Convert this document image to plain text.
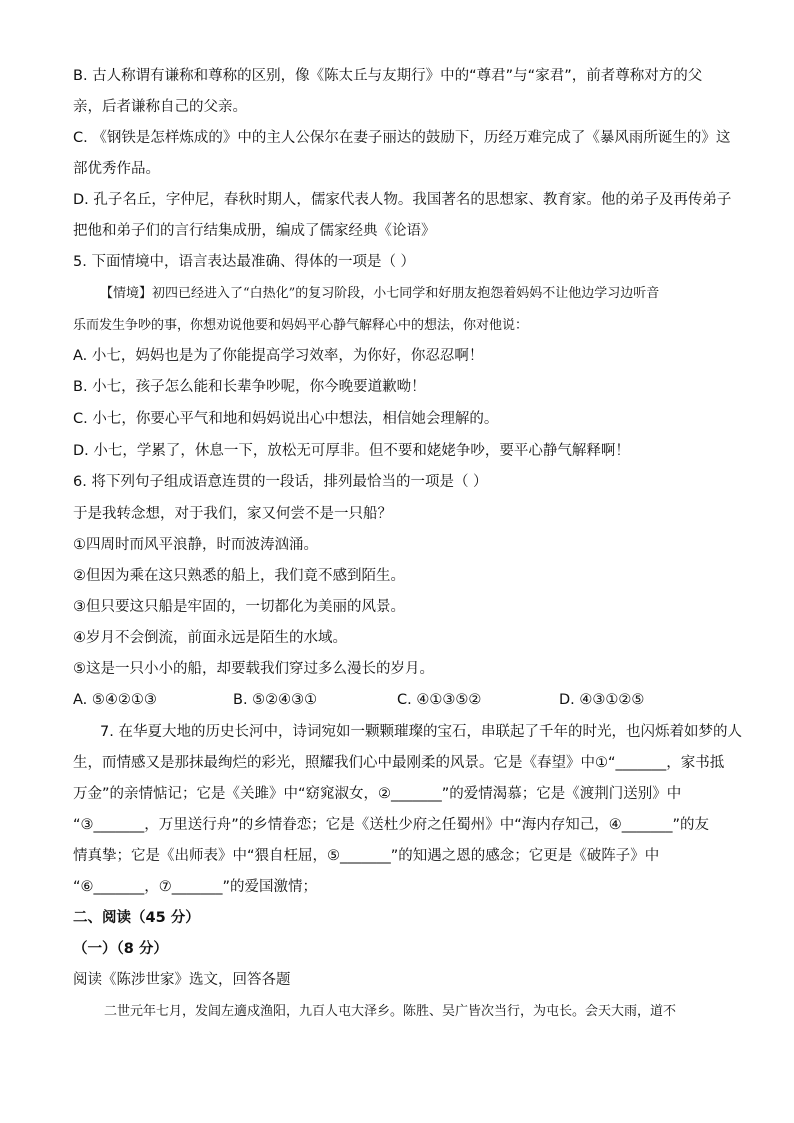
B. 古人称谓有谦称和尊称的区别，像《陈太丘与友期行》中的“尊君”与“家君”，前者尊称对方的父
亲，后者谦称自己的父亲。
C. 《钢铁是怎样炼成的》中的主人公保尔在妻子丽达的鼓励下，历经万难完成了《暴风雨所诞生的》这
部优秀作品。
D. 孔子名丘，字仲尼，春秋时期人，儒家代表人物。我国著名的思想家、教育家。他的弟子及再传弟子
把他和弟子们的言行结集成册，编成了儒家经典《论语》
5. 下面情境中，语言表达最准确、得体的一项是（ ）
【情境】初四已经进入了“白热化”的复习阶段，小七同学和好朋友抱怨着妈妈不让他边学习边听音
乐而发生争吵的事，你想劝说他要和妈妈平心静气解释心中的想法，你对他说：
A. 小七，妈妈也是为了你能提高学习效率，为你好，你忍忍啊！
B. 小七，孩子怎么能和长辈争吵呢，你今晚要道歉呦！
C. 小七，你要心平气和地和妈妈说出心中想法，相信她会理解的。
D. 小七，学累了，休息一下，放松无可厚非。但不要和姥姥争吵，要平心静气解释啊！
6. 将下列句子组成语意连贯的一段话，排列最恰当的一项是（ ）
于是我转念想，对于我们，家又何尝不是一只船？
①四周时而风平浪静，时而波涛汹涌。
②但因为乘在这只熟悉的船上，我们竟不感到陌生。
③但只要这只船是牢固的，一切都化为美丽的风景。
④岁月不会倒流，前面永远是陌生的水域。
⑤这是一只小小的船，却要载我们穿过多么漫长的岁月。
A. ⑤④②①③	B. ⑤②④③①	C. ④①③⑤②	D. ④③①②⑤
7. 在华夏大地的历史长河中，诗词宛如一颗颗璀璨的宝石，串联起了千年的时光，也闪烁着如梦的人
生，而情感又是那抹最绚烂的彩光，照耀我们心中最刚柔的风景。它是《春望》中①“_______，家书抵
万金”的亲情惦记；它是《关雎》中“窈窕淑女，②_______”的爱情渴慕；它是《渡荆门送别》中
“③_______，万里送行舟”的乡情眷恋；它是《送杜少府之任蜀州》中“海内存知己，④_______”的友
情真挚；它是《出师表》中“猥自枉屈，⑤_______”的知遇之恩的感念；它更是《破阵子》中
“⑥_______，⑦_______”的爱国激情；
二、阅读（45 分）
（一）（8 分）
阅读《陈涉世家》选文，回答各题
二世元年七月，发闾左適戍渔阳，九百人屯大泽乡。陈胜、吴广皆次当行，为屯长。会天大雨，道不
